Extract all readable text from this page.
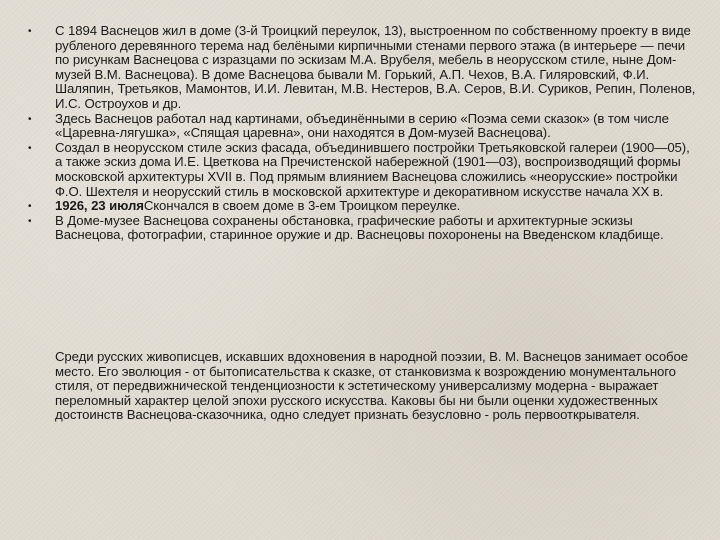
• С 1894 Васнецов жил в доме (3-й Троицкий переулок, 13), выстроенном по собственному проекту в виде рубленого деревянного терема над белёными кирпичными стенами первого этажа (в интерьере — печи по рисункам Васнецова с изразцами по эскизам М.А. Врубеля, мебель в неорусском стиле, ныне Дом-музей В.М. Васнецова). В доме Васнецова бывали М. Горький, А.П. Чехов, В.А. Гиляровский, Ф.И. Шаляпин, Третьяков, Мамонтов, И.И. Левитан, М.В. Нестеров, В.А. Серов, В.И. Суриков, Репин, Поленов, И.С. Остроухов и др.
• Здесь Васнецов работал над картинами, объединёнными в серию «Поэма семи сказок» (в том числе «Царевна-лягушка», «Спящая царевна», они находятся в Дом-музей Васнецова).
• Создал в неорусском стиле эскиз фасада, объединившего постройки Третьяковской галереи (1900—05), а также эскиз дома И.Е. Цветкова на Пречистенской набережной (1901—03), воспроизводящий формы московской архитектуры XVII в. Под прямым влиянием Васнецова сложились «неорусские» постройки Ф.О. Шехтеля и неорусский стиль в московской архитектуре и декоративном искусстве начала XX в.
• 1926, 23 июляСкончался в своем доме в 3-ем Троицком переулке.
• В Доме-музее Васнецова сохранены обстановка, графические работы и архитектурные эскизы Васнецова, фотографии, старинное оружие и др. Васнецовы похоронены на Введенском кладбище.

Среди русских живописцев, искавших вдохновения в народной поэзии, В. М. Васнецов занимает особое место. Его эволюция - от бытописательства к сказке, от станковизма к возрождению монументального стиля, от передвижнической тенденциозности к эстетическому универсализму модерна - выражает переломный характер целой эпохи русского искусства. Каковы бы ни были оценки художественных достоинств Васнецова-сказочника, одно следует признать безусловно - роль первооткрывателя.
